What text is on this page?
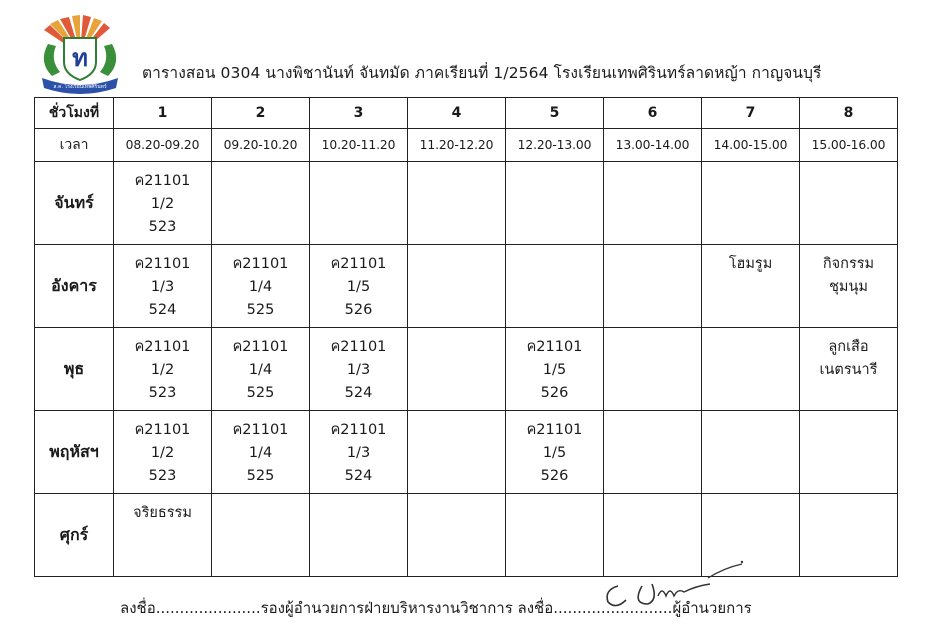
ท
ส.ค. โรงเรียนเทพศิรินทร์
ตารางสอน 0304 นางพิชานันท์ จันทมัด ภาคเรียนที่ 1/2564 โรงเรียนเทพศิรินทร์ลาดหญ้า กาญจนบุรี
ชั่วโมงที่	1	2	3	4	5	6	7	8
เวลา	08.20-09.20	09.20-10.20	10.20-11.20	11.20-12.20	12.20-13.00	13.00-14.00	14.00-15.00	15.00-16.00
จันทร์	ค21101
1/2
523							

อังคาร	ค21101
1/3
524	ค21101
1/4
525	ค21101
1/5
526				โฮมรูม	กิจกรรม
ชุมนุม

พุธ	ค21101
1/2
523	ค21101
1/4
525	ค21101
1/3
524		ค21101
1/5
526			ลูกเสือ
เนตรนารี

พฤหัสฯ	ค21101
1/2
523	ค21101
1/4
525	ค21101
1/3
524		ค21101
1/5
526			

ศุกร์	จริยธรรม							

ลงชื่อ......................รองผู้อำนวยการฝ่ายบริหารงานวิชาการ ลงชื่อ.........................ผู้อำนวยการ
